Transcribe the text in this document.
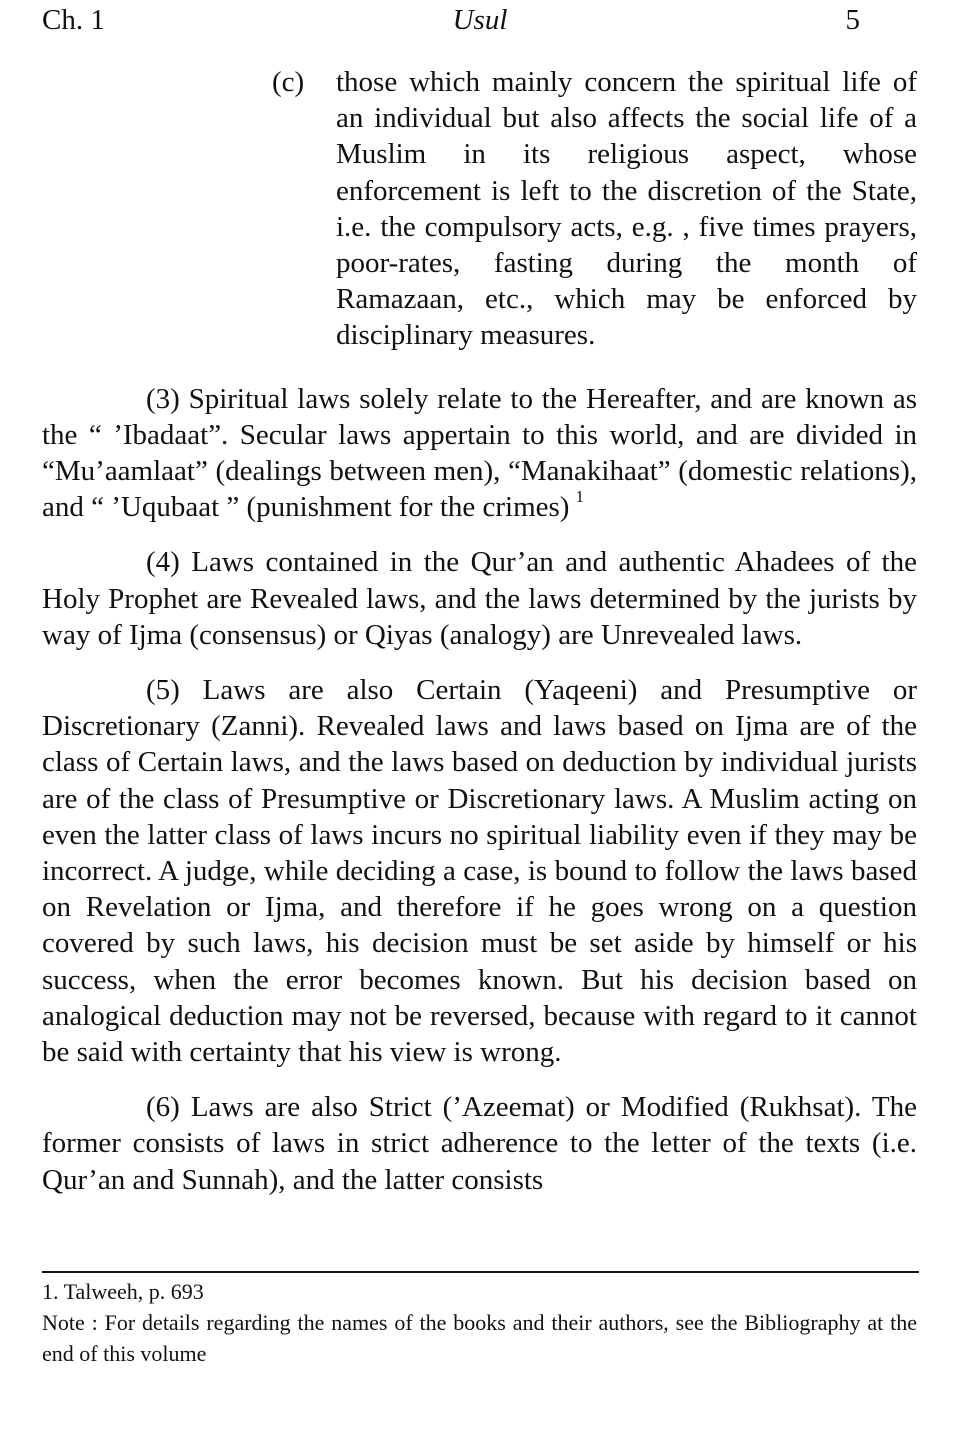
Ch. 1	Usul	5
(c) those which mainly concern the spiritual life of an individual but also affects the social life of a Muslim in its religious aspect, whose enforcement is left to the discretion of the State, i.e. the compulsory acts, e.g. , five times prayers, poor-rates, fasting during the month of Ramazaan, etc., which may be enforced by disciplinary measures.

(3) Spiritual laws solely relate to the Hereafter, and are known as the “ ’Ibadaat”. Secular laws appertain to this world, and are divided in “Mu’aamlaat” (dealings between men), “Manakihaat” (domestic relations), and “ ’Uqubaat ” (punishment for the crimes) $^1$

(4) Laws contained in the Qur’an and authentic Ahadees of the Holy Prophet are Revealed laws, and the laws determined by the jurists by way of Ijma (consensus) or Qiyas (analogy) are Unrevealed laws.

(5) Laws are also Certain (Yaqeeni) and Presumptive or Discretionary (Zanni). Revealed laws and laws based on Ijma are of the class of Certain laws, and the laws based on deduction by individual jurists are of the class of Presumptive or Discretionary laws. A Muslim acting on even the latter class of laws incurs no spiritual liability even if they may be incorrect. A judge, while deciding a case, is bound to follow the laws based on Revelation or Ijma, and therefore if he goes wrong on a question covered by such laws, his decision must be set aside by himself or his success, when the error becomes known. But his decision based on analogical deduction may not be reversed, because with regard to it cannot be said with certainty that his view is wrong.

(6) Laws are also Strict (’Azeemat) or Modified (Rukhsat). The former consists of laws in strict adherence to the letter of the texts (i.e. Qur’an and Sunnah), and the latter consists

1. Talweeh, p. 693
Note : For details regarding the names of the books and their authors, see the Bibliography at the end of this volume
